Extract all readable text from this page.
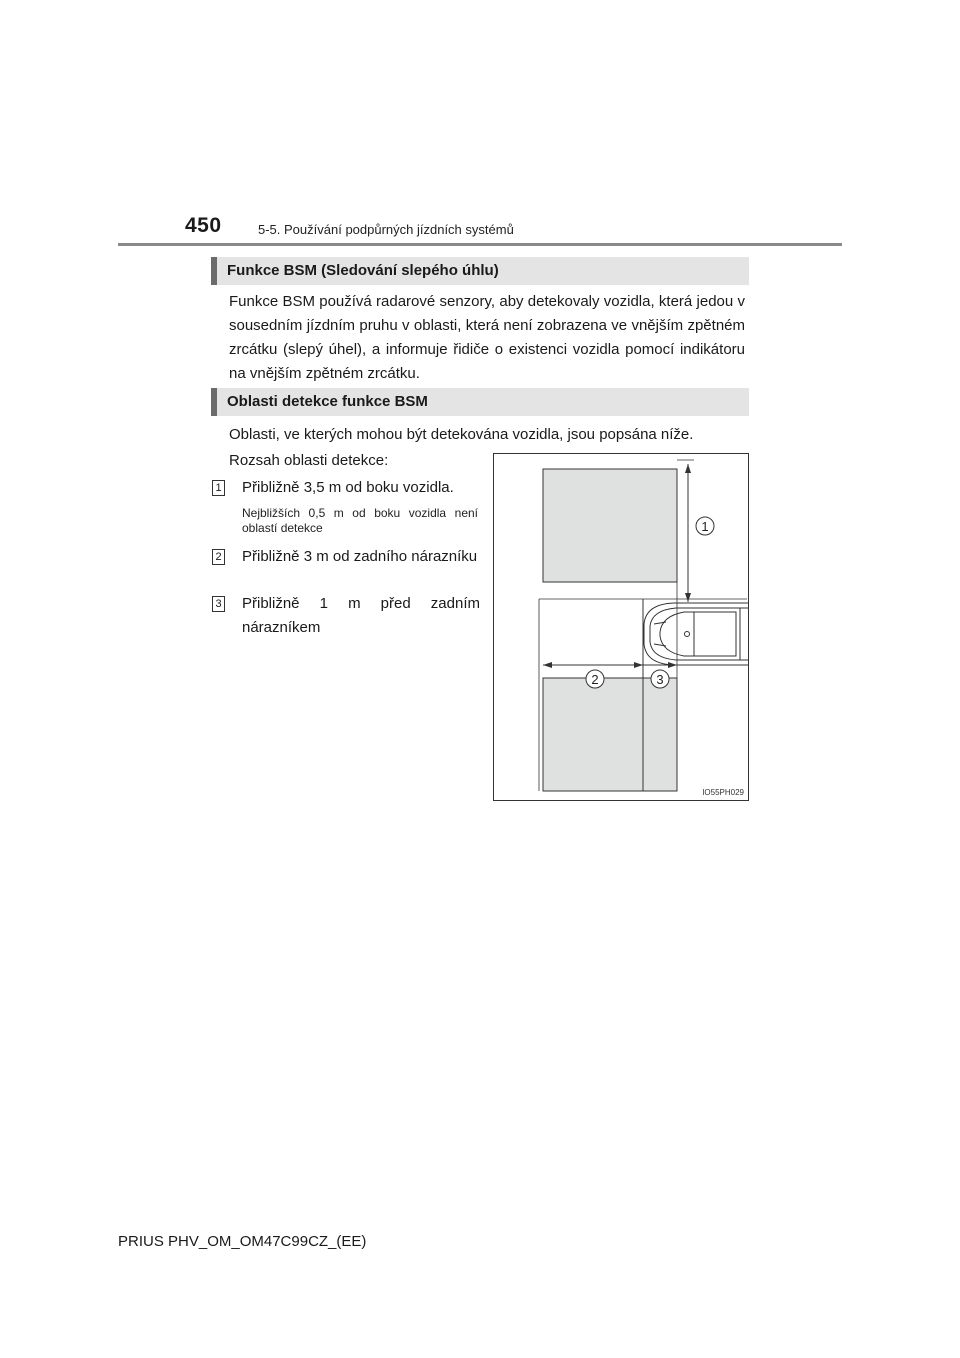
450	5-5. Používání podpůrných jízdních systémů
Funkce BSM (Sledování slepého úhlu)
Funkce BSM používá radarové senzory, aby detekovaly vozidla, která jedou v sousedním jízdním pruhu v oblasti, která není zobrazena ve vnějším zpětném zrcátku (slepý úhel), a informuje řidiče o existenci vozidla pomocí indikátoru na vnějším zpětném zrcátku.
Oblasti detekce funkce BSM
Oblasti, ve kterých mohou být detekována vozidla, jsou popsána níže.
Rozsah oblasti detekce:
1 Přibližně 3,5 m od boku vozidla.
Nejbližších 0,5 m od boku vozidla není oblastí detekce
2 Přibližně 3 m od zadního nárazníku
3 Přibližně 1 m před zadním nárazníkem
1
2	3
IO55PH029
PRIUS PHV_OM_OM47C99CZ_(EE)
